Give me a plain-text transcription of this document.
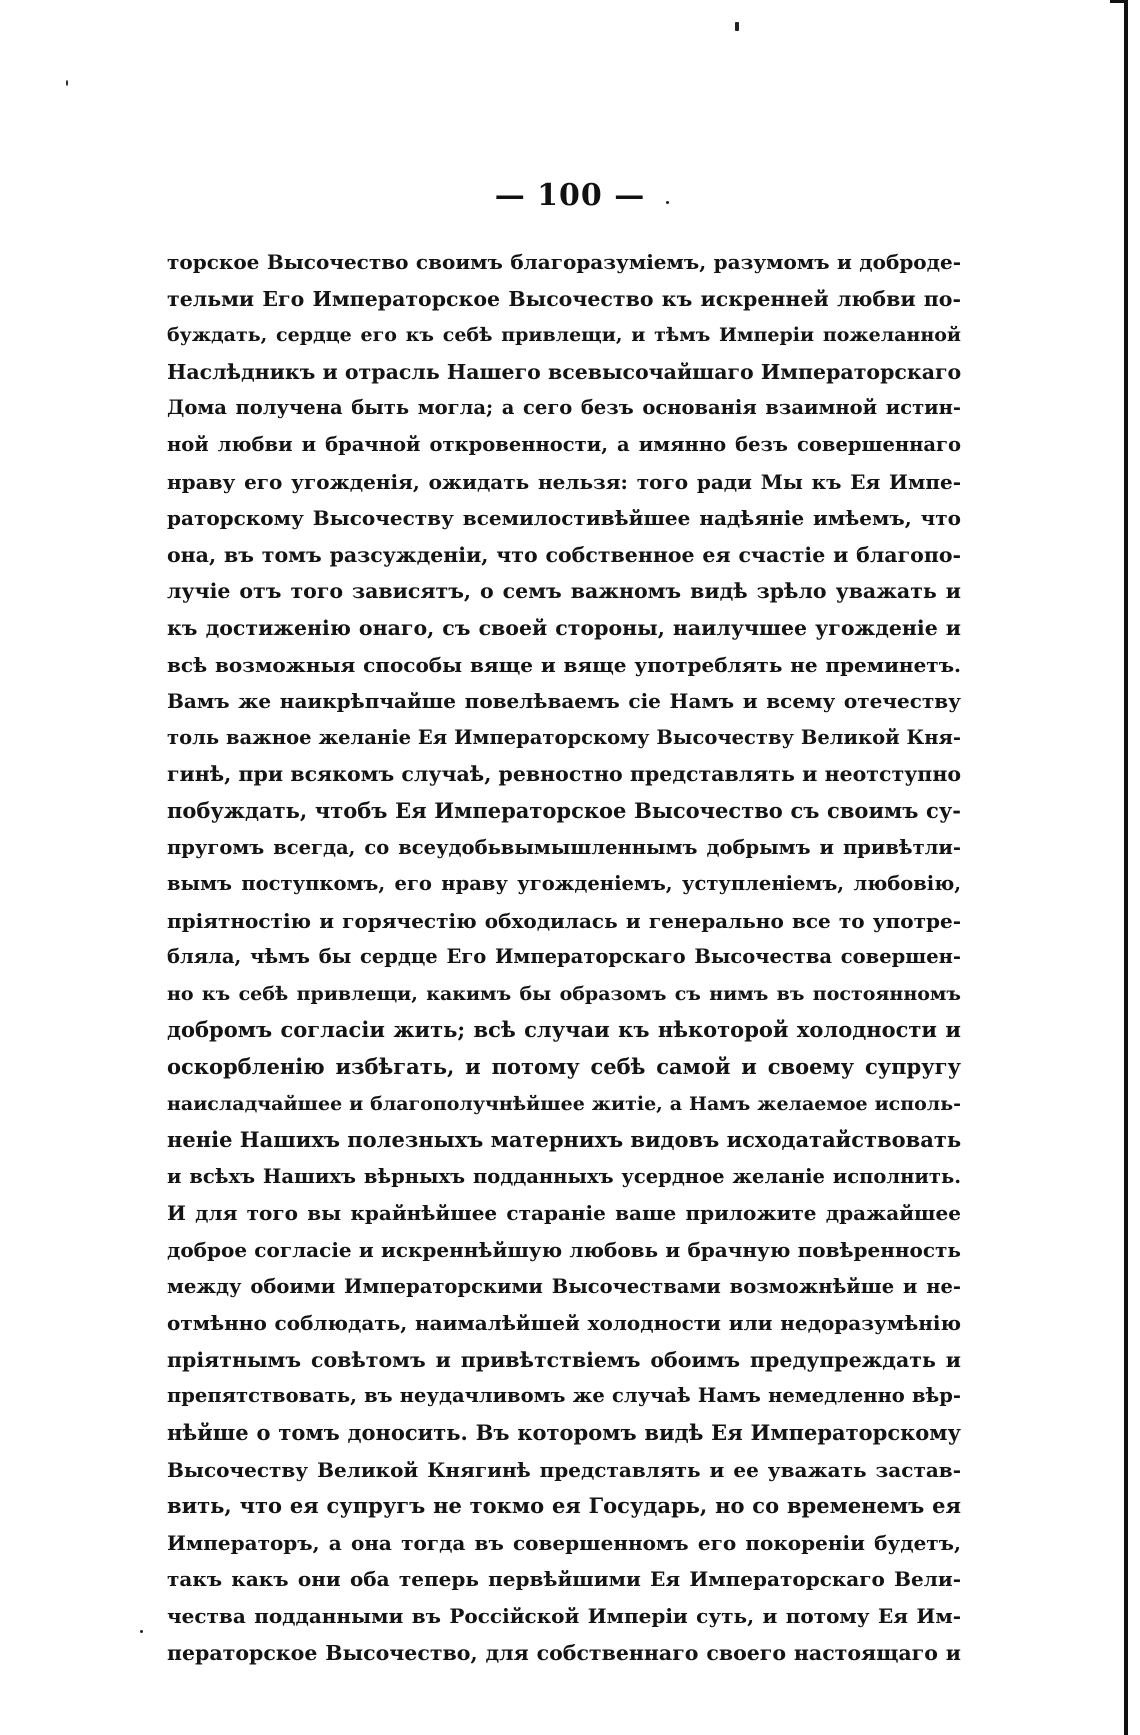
— 100 —
торское Высочество своимъ благоразуміемъ, разумомъ и доброде-
тельми Его Императорское Высочество къ искренней любви по-
буждать, сердце его къ себѣ привлещи, и тѣмъ Имперіи пожеланной
Наслѣдникъ и отрасль Нашего всевысочайшаго Императорскаго
Дома получена быть могла; а сего безъ основанія взаимной истин-
ной любви и брачной откровенности, а имянно безъ совершеннаго
нраву его угожденія, ожидать нельзя: того ради Мы къ Ея Импе-
раторскому Высочеству всемилостивѣйшее надѣяніе имѣемъ, что
она, въ томъ разсужденіи, что собственное ея счастіе и благопо-
лучіе отъ того зависятъ, о семъ важномъ видѣ зрѣло уважать и
къ достиженію онаго, съ своей стороны, наилучшее угожденіе и
всѣ возможныя способы вяще и вяще употреблять не преминетъ.
Вамъ же наикрѣпчайше повелѣваемъ сіе Намъ и всему отечеству
толь важное желаніе Ея Императорскому Высочеству Великой Кня-
гинѣ, при всякомъ случаѣ, ревностно представлять и неотступно
побуждать, чтобъ Ея Императорское Высочество съ своимъ су-
пругомъ всегда, со всеудобьвымышленнымъ добрымъ и привѣтли-
вымъ поступкомъ, его нраву угожденіемъ, уступленіемъ, любовію,
пріятностію и горячестію обходилась и генерально все то употре-
бляла, чѣмъ бы сердце Его Императорскаго Высочества совершен-
но къ себѣ привлещи, какимъ бы образомъ съ нимъ въ постоянномъ
добромъ согласіи жить; всѣ случаи къ нѣкоторой холодности и
оскорбленію избѣгать, и потому себѣ самой и своему супругу
наисладчайшее и благополучнѣйшее житіе, а Намъ желаемое исполь-
неніе Нашихъ полезныхъ матернихъ видовъ исходатайствовать
и всѣхъ Нашихъ вѣрныхъ подданныхъ усердное желаніе исполнить.
И для того вы крайнѣйшее стараніе ваше приложите дражайшее
доброе согласіе и искреннѣйшую любовь и брачную повѣренность
между обоими Императорскими Высочествами возможнѣйше и не-
отмѣнно соблюдать, наималѣйшей холодности или недоразумѣнію
пріятнымъ совѣтомъ и привѣтствіемъ обоимъ предупреждать и
препятствовать, въ неудачливомъ же случаѣ Намъ немедленно вѣр-
нѣйше о томъ доносить. Въ которомъ видѣ Ея Императорскому
Высочеству Великой Княгинѣ представлять и ее уважать застав-
вить, что ея супругъ не токмо ея Государь, но со временемъ ея
Императоръ, а она тогда въ совершенномъ его покореніи будетъ,
такъ какъ они оба теперь первѣйшими Ея Императорскаго Вели-
чества подданными въ Россійской Имперіи суть, и потому Ея Им-
ператорское Высочество, для собственнаго своего настоящаго и
